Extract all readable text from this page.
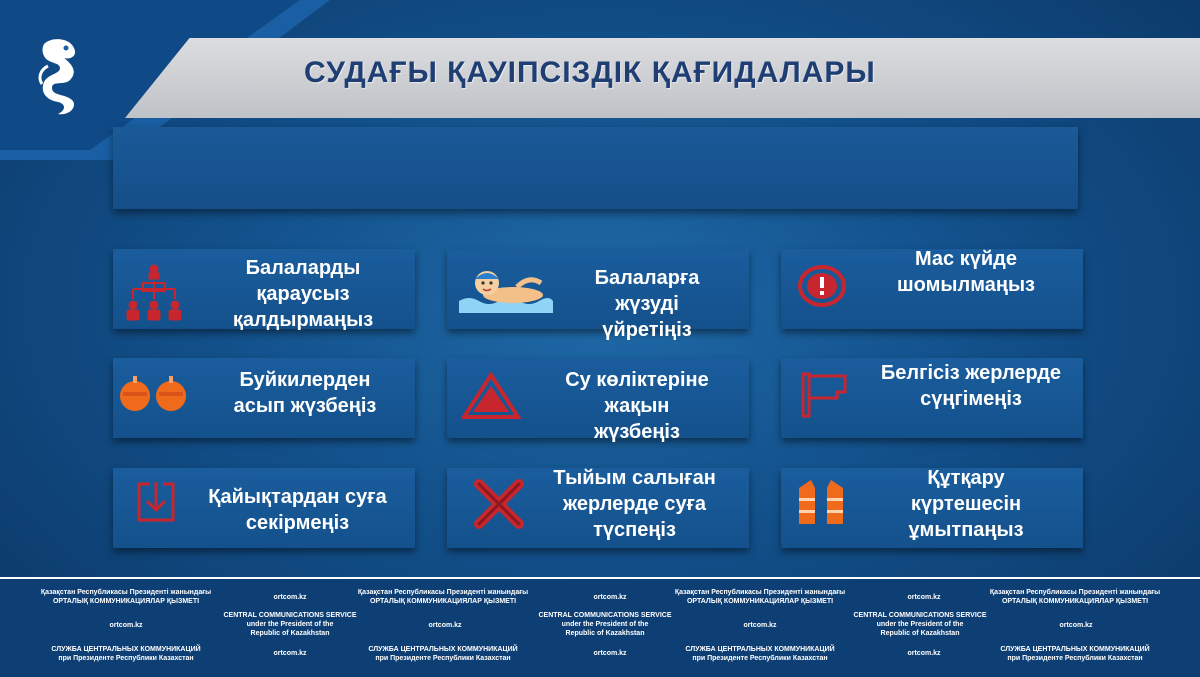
СУДАҒЫ ҚАУІПСІЗДІК ҚАҒИДАЛАРЫ
Балаларды
қараусыз
қалдырмаңыз
Балаларға
жүзуді
үйретіңіз
Мас күйде
шомылмаңыз
Буйкилерден
асып жүзбеңіз
Су көліктеріне
жақын
жүзбеңіз
Белгісіз жерлерде
сүңгімеңіз
Қайықтардан суға
секірмеңіз
Тыйым салыған
жерлерде суға
түспеңіз
Құтқару
күртешесін
ұмытпаңыз
Қазақстан Республикасы Президенті жанындағы
ОРТАЛЫҚ КОММУНИКАЦИЯЛАР ҚЫЗМЕТІ
ortcom.kz
Қазақстан Республикасы Президенті жанындағы
ОРТАЛЫҚ КОММУНИКАЦИЯЛАР ҚЫЗМЕТІ
ortcom.kz
Қазақстан Республикасы Президенті жанындағы
ОРТАЛЫҚ КОММУНИКАЦИЯЛАР ҚЫЗМЕТІ
ortcom.kz
Қазақстан Республикасы Президенті жанындағы
ОРТАЛЫҚ КОММУНИКАЦИЯЛАР ҚЫЗМЕТІ
ortcom.kz
CENTRAL COMMUNICATIONS SERVICE
under the President of the
Republic of Kazakhstan
ortcom.kz
CENTRAL COMMUNICATIONS SERVICE
under the President of the
Republic of Kazakhstan
ortcom.kz
CENTRAL COMMUNICATIONS SERVICE
under the President of the
Republic of Kazakhstan
ortcom.kz
СЛУЖБА ЦЕНТРАЛЬНЫХ КОММУНИКАЦИЙ
при Президенте Республики Казахстан
ortcom.kz
СЛУЖБА ЦЕНТРАЛЬНЫХ КОММУНИКАЦИЙ
при Президенте Республики Казахстан
ortcom.kz
СЛУЖБА ЦЕНТРАЛЬНЫХ КОММУНИКАЦИЙ
при Президенте Республики Казахстан
ortcom.kz
СЛУЖБА ЦЕНТРАЛЬНЫХ КОММУНИКАЦИЙ
при Президенте Республики Казахстан
